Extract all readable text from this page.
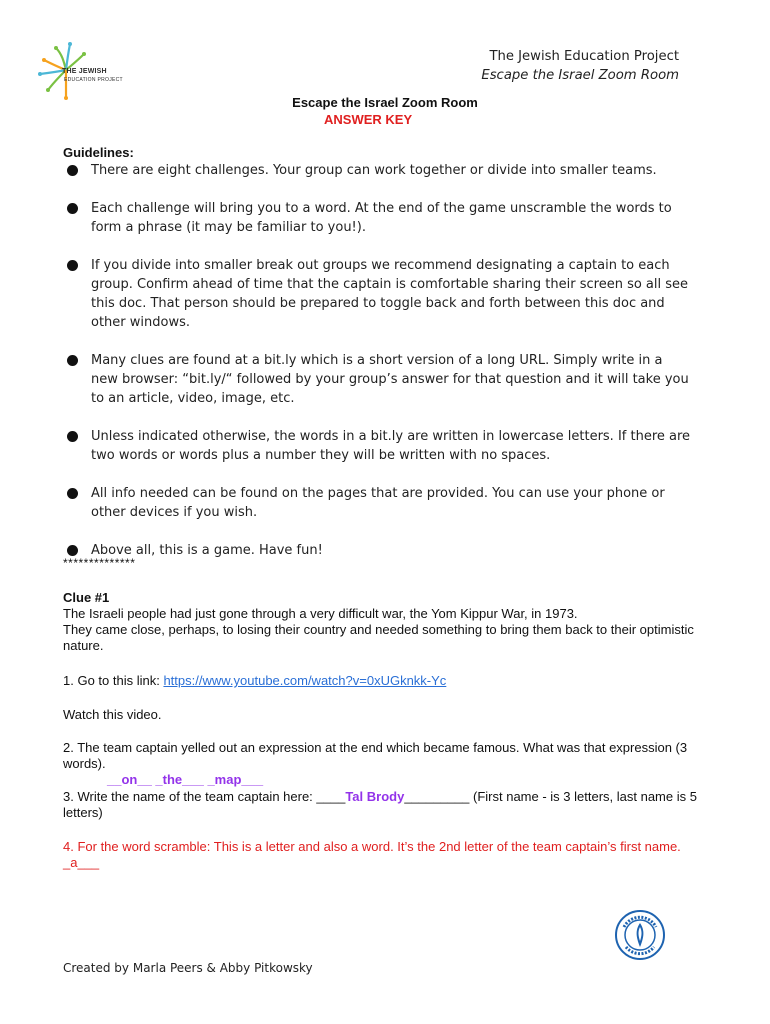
THE JEWISH
EDUCATION PROJECT
The Jewish Education Project
Escape the Israel Zoom Room
Escape the Israel Zoom Room
ANSWER KEY
Guidelines:
There are eight challenges. Your group can work together or divide into smaller teams.
Each challenge will bring you to a word. At the end of the game unscramble the words to form a phrase (it may be familiar to you!).
If you divide into smaller break out groups we recommend designating a captain to each group. Confirm ahead of time that the captain is comfortable sharing their screen so all see this doc. That person should be prepared to toggle back and forth between this doc and other windows.
Many clues are found at a bit.ly which is a short version of a long URL. Simply write in a new browser: “bit.ly/“ followed by your group’s answer for that question and it will take you to an article, video, image, etc.
Unless indicated otherwise, the words in a bit.ly are written in lowercase letters. If there are two words or words plus a number they will be written with no spaces.
All info needed can be found on the pages that are provided. You can use your phone or other devices if you wish.
Above all, this is a game. Have fun!
**************
Clue #1
The Israeli people had just gone through a very difficult war, the Yom Kippur War, in 1973.
They came close, perhaps, to losing their country and needed something to bring them back to their optimistic nature.
1. Go to this link: https://www.youtube.com/watch?v=0xUGknkk-Yc
Watch this video.
2. The team captain yelled out an expression at the end which became famous. What was that expression (3 words).
__on__ _the___ _map___
3. Write the name of the team captain here: ____Tal Brody_________ (First name - is 3 letters, last name is 5 letters)
4. For the word scramble: This is a letter and also a word. It’s the 2nd letter of the team captain’s first name. _a___
Created by Marla Peers & Abby Pitkowsky
